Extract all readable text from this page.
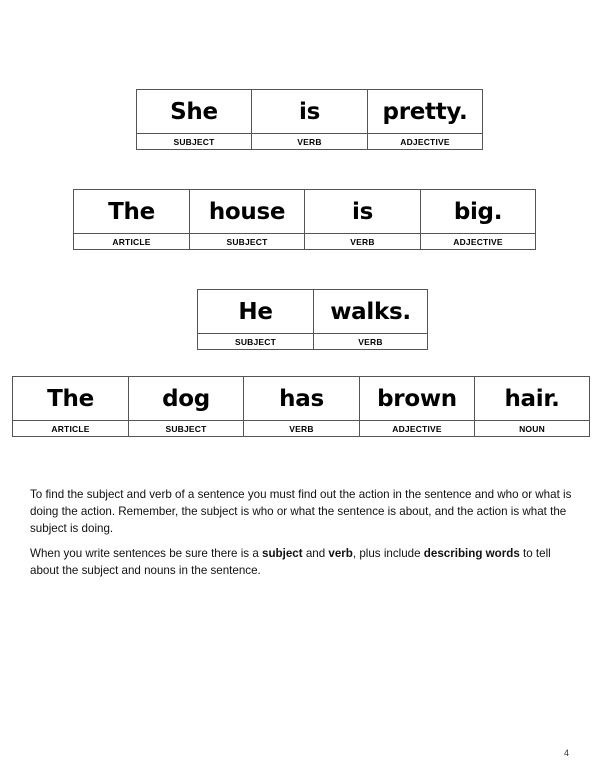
She
SUBJECT
is
VERB
pretty.
ADJECTIVE
The
ARTICLE
house
SUBJECT
is
VERB
big.
ADJECTIVE
He
SUBJECT
walks.
VERB
The
ARTICLE
dog
SUBJECT
has
VERB
brown
ADJECTIVE
hair.
NOUN

To find the subject and verb of a sentence you must find out the action in the sentence and who or what is doing the action. Remember, the subject is who or what the sentence is about, and the action is what the subject is doing.

When you write sentences be sure there is a subject and verb, plus include describing words to tell about the subject and nouns in the sentence.

4
